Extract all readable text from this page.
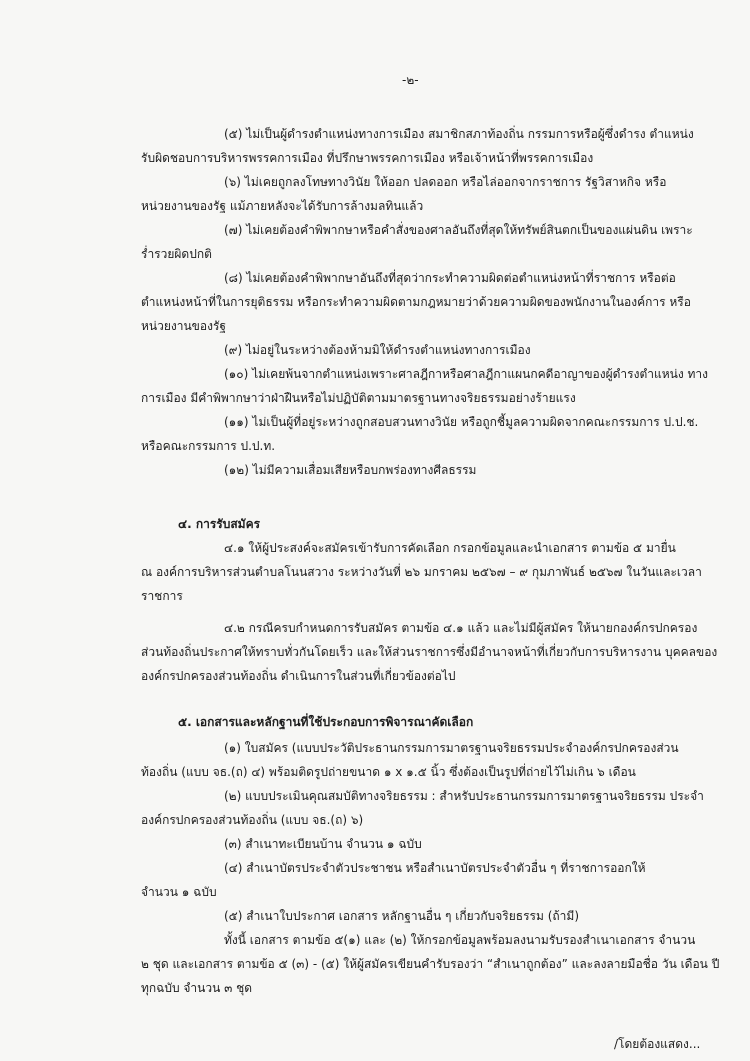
-๒-
(๕) ไม่เป็นผู้ดำรงตำแหน่งทางการเมือง สมาชิกสภาท้องถิ่น กรรมการหรือผู้ซึ่งดำรง ตำแหน่ง
รับผิดชอบการบริหารพรรคการเมือง ที่ปรึกษาพรรคการเมือง หรือเจ้าหน้าที่พรรคการเมือง
(๖) ไม่เคยถูกลงโทษทางวินัย ให้ออก ปลดออก หรือไล่ออกจากราชการ รัฐวิสาหกิจ หรือ
หน่วยงานของรัฐ แม้ภายหลังจะได้รับการล้างมลทินแล้ว
(๗) ไม่เคยต้องคำพิพากษาหรือคำสั่งของศาลอันถึงที่สุดให้ทรัพย์สินตกเป็นของแผ่นดิน เพราะ
ร่ำรวยผิดปกติ
(๘) ไม่เคยต้องคำพิพากษาอันถึงที่สุดว่ากระทำความผิดต่อตำแหน่งหน้าที่ราชการ หรือต่อ
ตำแหน่งหน้าที่ในการยุติธรรม หรือกระทำความผิดตามกฎหมายว่าด้วยความผิดของพนักงานในองค์การ หรือ
หน่วยงานของรัฐ
(๙) ไม่อยู่ในระหว่างต้องห้ามมิให้ดำรงตำแหน่งทางการเมือง
(๑๐) ไม่เคยพ้นจากตำแหน่งเพราะศาลฎีกาหรือศาลฎีกาแผนกคดีอาญาของผู้ดำรงตำแหน่ง ทาง
การเมือง มีคำพิพากษาว่าฝ่าฝืนหรือไม่ปฏิบัติตามมาตรฐานทางจริยธรรมอย่างร้ายแรง
(๑๑) ไม่เป็นผู้ที่อยู่ระหว่างถูกสอบสวนทางวินัย หรือถูกชี้มูลความผิดจากคณะกรรมการ ป.ป.ช.
หรือคณะกรรมการ ป.ป.ท.
(๑๒) ไม่มีความเสื่อมเสียหรือบกพร่องทางศีลธรรม
๔. การรับสมัคร
๔.๑ ให้ผู้ประสงค์จะสมัครเข้ารับการคัดเลือก กรอกข้อมูลและนำเอกสาร ตามข้อ ๕ มายื่น
ณ องค์การบริหารส่วนตำบลโนนสวาง ระหว่างวันที่ ๒๖ มกราคม ๒๕๖๗ – ๙ กุมภาพันธ์ ๒๕๖๗ ในวันและเวลา
ราชการ
๔.๒ กรณีครบกำหนดการรับสมัคร ตามข้อ ๔.๑ แล้ว และไม่มีผู้สมัคร ให้นายกองค์กรปกครอง
ส่วนท้องถิ่นประกาศให้ทราบทั่วกันโดยเร็ว และให้ส่วนราชการซึ่งมีอำนาจหน้าที่เกี่ยวกับการบริหารงาน บุคคลของ
องค์กรปกครองส่วนท้องถิ่น ดำเนินการในส่วนที่เกี่ยวข้องต่อไป
๕. เอกสารและหลักฐานที่ใช้ประกอบการพิจารณาคัดเลือก
(๑) ใบสมัคร (แบบประวัติประธานกรรมการมาตรฐานจริยธรรมประจำองค์กรปกครองส่วน
ท้องถิ่น (แบบ จธ.(ถ) ๔) พร้อมติดรูปถ่ายขนาด ๑ x ๑.๕ นิ้ว ซึ่งต้องเป็นรูปที่ถ่ายไว้ไม่เกิน ๖ เดือน
(๒) แบบประเมินคุณสมบัติทางจริยธรรม : สำหรับประธานกรรมการมาตรฐานจริยธรรม ประจำ
องค์กรปกครองส่วนท้องถิ่น (แบบ จธ.(ถ) ๖)
(๓) สำเนาทะเบียนบ้าน จำนวน ๑ ฉบับ
(๔) สำเนาบัตรประจำตัวประชาชน หรือสำเนาบัตรประจำตัวอื่น ๆ ที่ราชการออกให้
จำนวน ๑ ฉบับ
(๕) สำเนาใบประกาศ เอกสาร หลักฐานอื่น ๆ เกี่ยวกับจริยธรรม (ถ้ามี)
ทั้งนี้ เอกสาร ตามข้อ ๕(๑) และ (๒) ให้กรอกข้อมูลพร้อมลงนามรับรองสำเนาเอกสาร จำนวน
๒ ชุด และเอกสาร ตามข้อ ๕ (๓) - (๕) ให้ผู้สมัครเขียนคำรับรองว่า “สำเนาถูกต้อง” และลงลายมือชื่อ วัน เดือน ปี
ทุกฉบับ จำนวน ๓ ชุด
/โดยต้องแสดง...
